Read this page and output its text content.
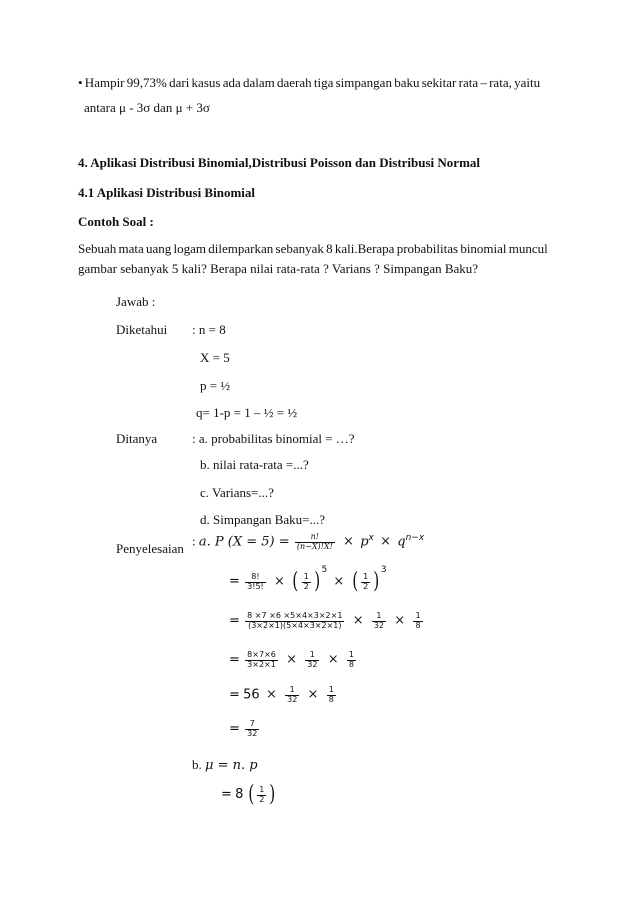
• Hampir 99,73% dari kasus ada dalam daerah tiga simpangan baku sekitar rata – rata, yaitu
antara μ - 3σ dan μ + 3σ
4. Aplikasi Distribusi Binomial,Distribusi Poisson dan Distribusi Normal
4.1 Aplikasi Distribusi Binomial
Contoh Soal :
Sebuah mata uang logam dilemparkan sebanyak 8 kali.Berapa probabilitas binomial muncul
gambar sebanyak 5 kali? Berapa nilai rata-rata ? Varians ? Simpangan Baku?
Jawab :
Diketahui : n = 8
X = 5
p = ½
q= 1-p = 1 – ½ = ½
Ditanya	: a. probabilitas binomial = …?
b. nilai rata-rata =...?
c. Varians=...?
d. Simpangan Baku=...?
Penyelesaian
: a. P $(X = 5) = \frac{n!}{(n-X)!X!} \times p^x \times q^{n-x}$
= $\frac{8!}{3!5!}$ × ( $\frac{1}{2} )^5$ × ( $\frac{1}{2} )^3$
= $\frac{8 \times 7 \times 6 \times 5\times 4\times 3\times 2\times 1}{(3\times 2\times 1)(5\times 4\times 3\times 2\times 1)} \times \frac{1}{32} \times \frac{1}{8}$
= $\frac{8\times 7\times 6}{3\times 2\times 1} \times \frac{1}{32} \times \frac{1}{8}$
= $56 \times \frac{1}{32} \times \frac{1}{8}$
= $\frac{7}{32}$
b. μ = n. p
= 8 ( $\frac{1}{2}$ )
